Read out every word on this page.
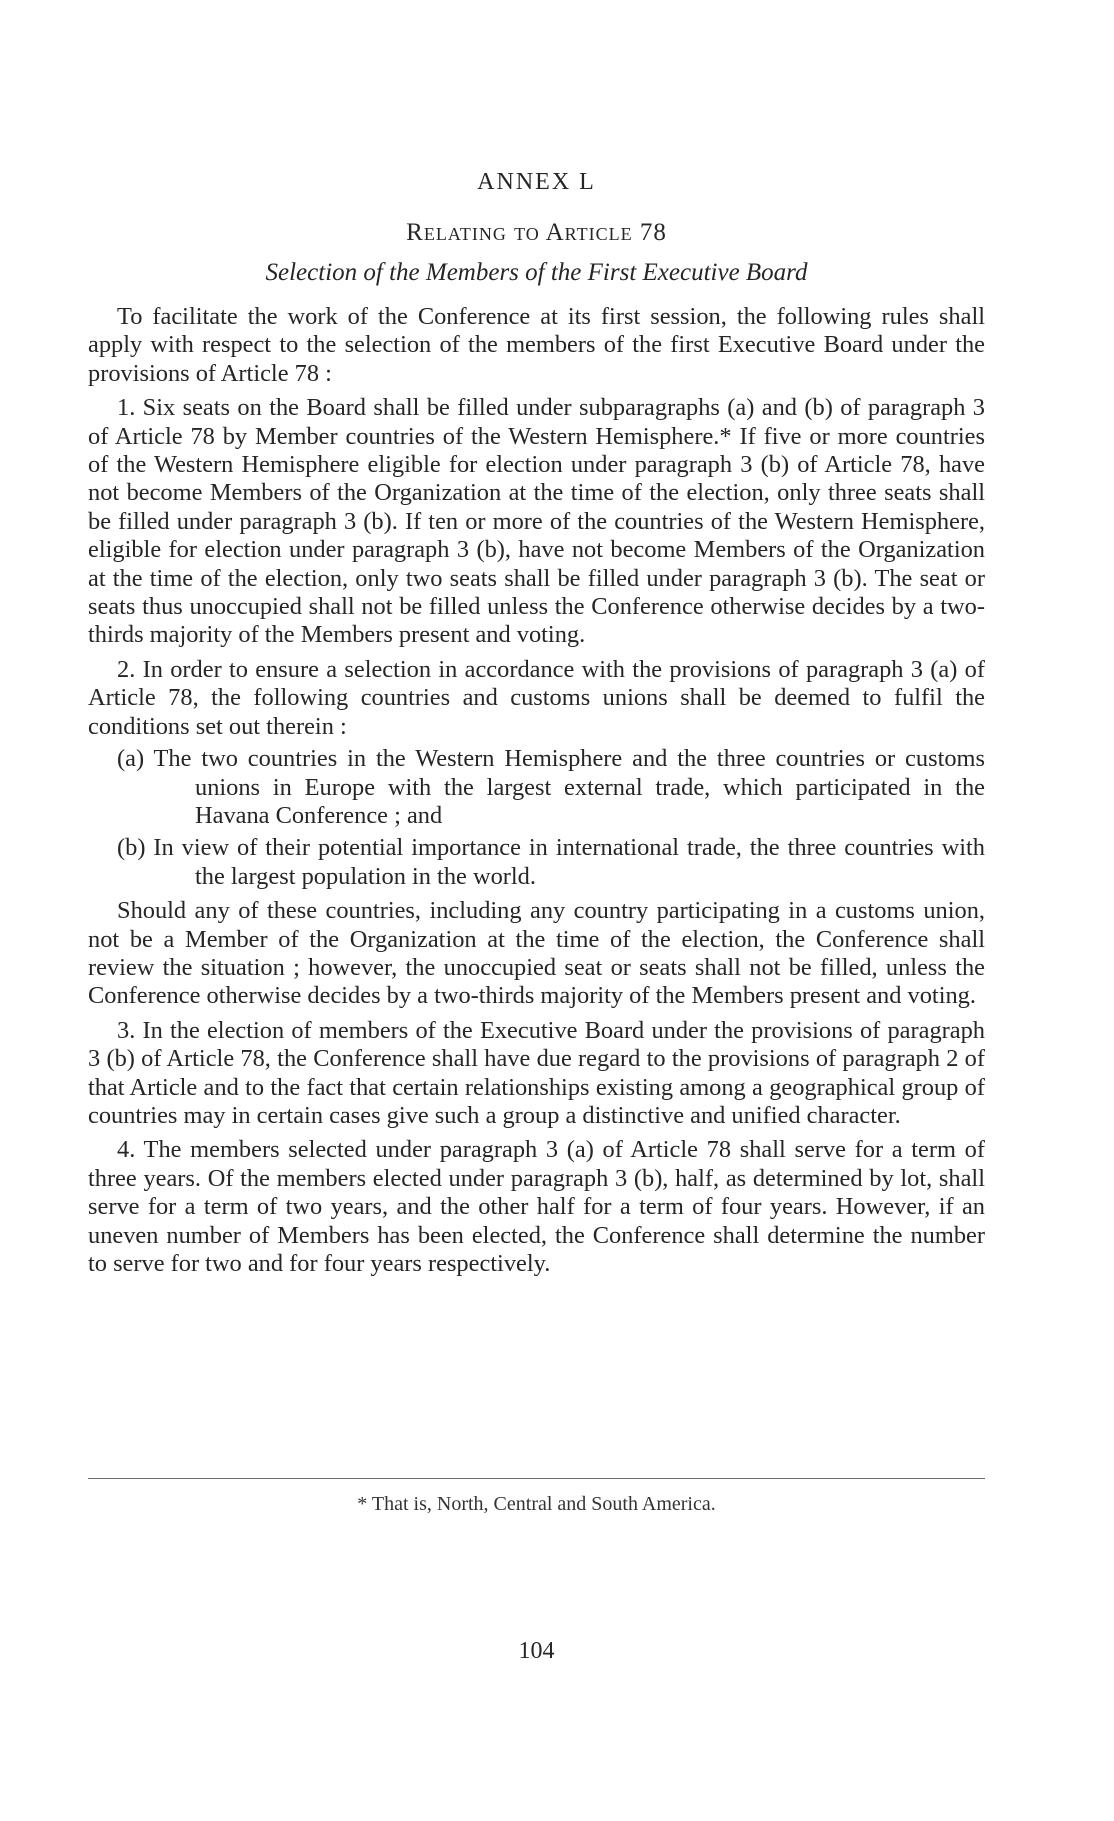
ANNEX L
Relating to Article 78
Selection of the Members of the First Executive Board

To facilitate the work of the Conference at its first session, the following rules shall apply with respect to the selection of the members of the first Executive Board under the provisions of Article 78 :

1. Six seats on the Board shall be filled under subparagraphs (a) and (b) of paragraph 3 of Article 78 by Member countries of the Western Hemisphere.* If five or more countries of the Western Hemisphere eligible for election under paragraph 3 (b) of Article 78, have not become Members of the Organization at the time of the election, only three seats shall be filled under paragraph 3 (b). If ten or more of the countries of the Western Hemisphere, eligible for election under paragraph 3 (b), have not become Members of the Organization at the time of the election, only two seats shall be filled under paragraph 3 (b). The seat or seats thus unoccupied shall not be filled unless the Conference otherwise decides by a two-thirds majority of the Members present and voting.

2. In order to ensure a selection in accordance with the provisions of paragraph 3 (a) of Article 78, the following countries and customs unions shall be deemed to fulfil the conditions set out therein :

(a) The two countries in the Western Hemisphere and the three countries or customs unions in Europe with the largest external trade, which participated in the Havana Conference ; and
(b) In view of their potential importance in international trade, the three countries with the largest population in the world.

Should any of these countries, including any country participating in a customs union, not be a Member of the Organization at the time of the election, the Conference shall review the situation ; however, the unoccupied seat or seats shall not be filled, unless the Conference otherwise decides by a two-thirds majority of the Members present and voting.

3. In the election of members of the Executive Board under the provisions of paragraph 3 (b) of Article 78, the Conference shall have due regard to the provisions of paragraph 2 of that Article and to the fact that certain relationships existing among a geographical group of countries may in certain cases give such a group a distinctive and unified character.

4. The members selected under paragraph 3 (a) of Article 78 shall serve for a term of three years. Of the members elected under paragraph 3 (b), half, as determined by lot, shall serve for a term of two years, and the other half for a term of four years. However, if an uneven number of Members has been elected, the Conference shall determine the number to serve for two and for four years respectively.

* That is, North, Central and South America.
104
